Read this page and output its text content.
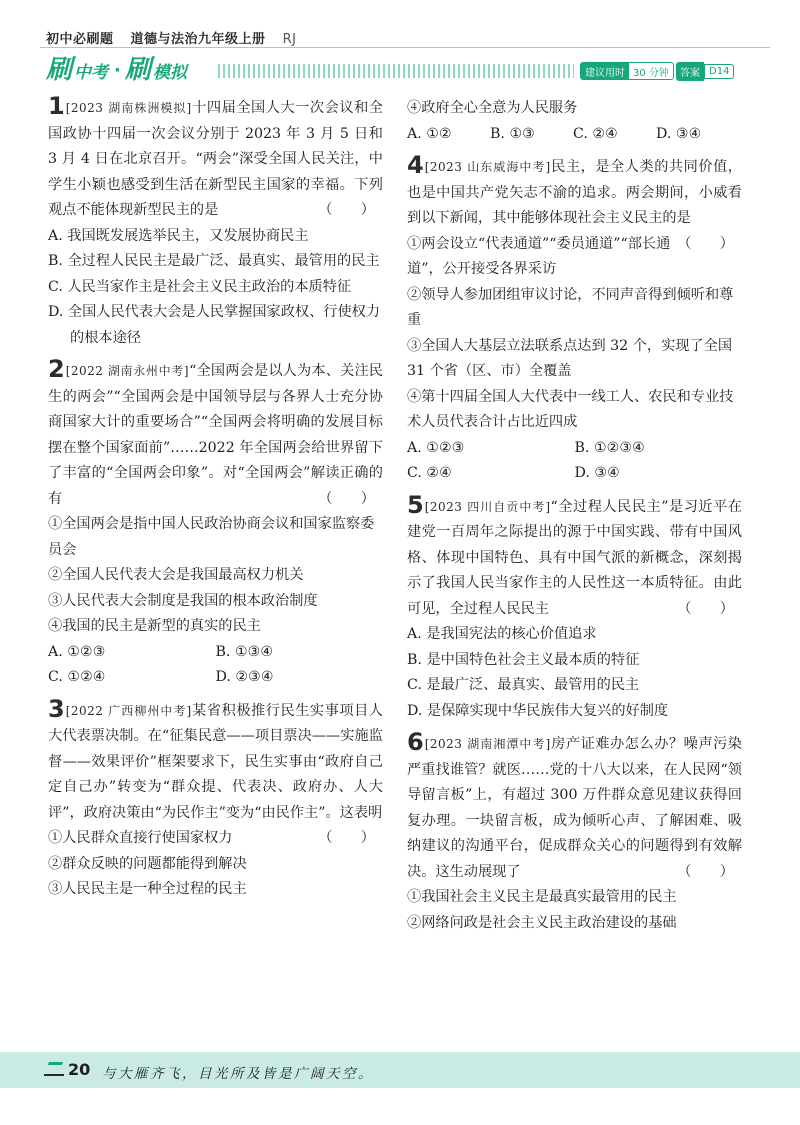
初中必刷题 道德与法治九年级上册 RJ
刷 中考 · 刷 模拟	建议用时 30 分钟	答案 D14
1[2023 湖南株洲模拟]十四届全国人大一次会议和全国政协十四届一次会议分别于 2023 年 3 月 5 日和 3 月 4 日在北京召开。“两会”深受全国人民关注，中学生小颖也感受到生活在新型民主国家的幸福。下列观点不能体现新型民主的是	（　　）
A. 我国既发展选举民主，又发展协商民主
B. 全过程人民民主是最广泛、最真实、最管用的民主
C. 人民当家作主是社会主义民主政治的本质特征
D. 全国人民代表大会是人民掌握国家政权、行使权力的根本途径
2[2022 湖南永州中考]“全国两会是以人为本、关注民生的两会”“全国两会是中国领导层与各界人士充分协商国家大计的重要场合”“全国两会将明确的发展目标摆在整个国家面前”……2022 年全国两会给世界留下了丰富的“全国两会印象”。对“全国两会”解读正确的有	（　　）
①全国两会是指中国人民政治协商会议和国家监察委员会
②全国人民代表大会是我国最高权力机关
③人民代表大会制度是我国的根本政治制度
④我国的民主是新型的真实的民主
A. ①②③	B. ①③④
C. ①②④	D. ②③④
3[2022 广西柳州中考]某省积极推行民生实事项目人大代表票决制。在“征集民意——项目票决——实施监督——效果评价”框架要求下，民生实事由“政府自己定自己办”转变为“群众提、代表决、政府办、人大评”，政府决策由“为民作主”变为“由民作主”。这表明
（　　）
①人民群众直接行使国家权力
②群众反映的问题都能得到解决
③人民民主是一种全过程的民主
④政府全心全意为人民服务
A. ①②	B. ①③	C. ②④	D. ③④
4[2023 山东威海中考]民主，是全人类的共同价值，也是中国共产党矢志不渝的追求。两会期间，小威看到以下新闻，其中能够体现社会主义民主的是
（　　）
①两会设立“代表通道”“委员通道”“部长通道”，公开接受各界采访
②领导人参加团组审议讨论，不同声音得到倾听和尊重
③全国人大基层立法联系点达到 32 个，实现了全国 31 个省（区、市）全覆盖
④第十四届全国人大代表中一线工人、农民和专业技术人员代表合计占比近四成
A. ①②③	B. ①②③④
C. ②④	D. ③④
5[2023 四川自贡中考]“全过程人民民主”是习近平在建党一百周年之际提出的源于中国实践、带有中国风格、体现中国特色、具有中国气派的新概念，深刻揭示了我国人民当家作主的人民性这一本质特征。由此可见，全过程人民民主	（　　）
A. 是我国宪法的核心价值追求
B. 是中国特色社会主义最本质的特征
C. 是最广泛、最真实、最管用的民主
D. 是保障实现中华民族伟大复兴的好制度
6[2023 湖南湘潭中考]房产证难办怎么办？噪声污染严重找谁管？就医……党的十八大以来，在人民网“领导留言板”上，有超过 300 万件群众意见建议获得回复办理。一块留言板，成为倾听心声、了解困难、吸纳建议的沟通平台，促成群众关心的问题得到有效解决。这生动展现了	（　　）
①我国社会主义民主是最真实最管用的民主
②网络问政是社会主义民主政治建设的基础
20 与大雁齐飞，目光所及皆是广阔天空。
